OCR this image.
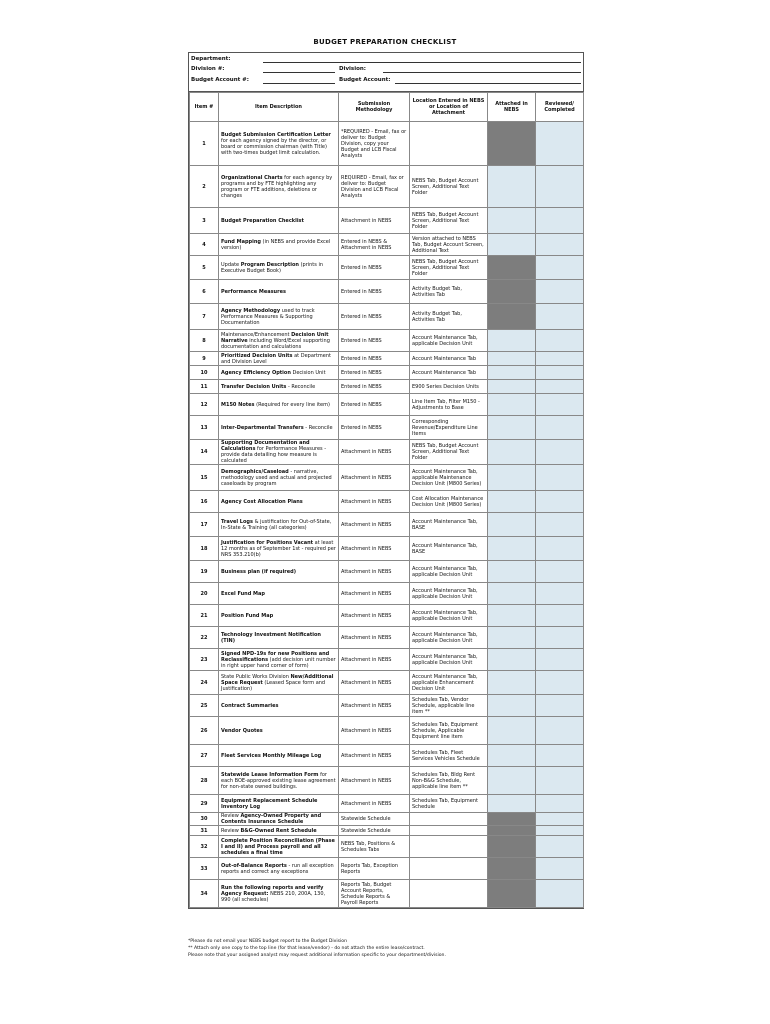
BUDGET PREPARATION CHECKLIST
Department:
Division #:	Division:
Budget Account #:	Budget Account:
Item #	Item Description	Submission Methodology	Location Entered in NEBS or Location of Attachment	Attached in NEBS	Reviewed/ Completed
1	Budget Submission Certification Letter for each agency signed by the director, or board or commission chairman (with Title) with two-times budget limit calculation.	*REQUIRED - Email, fax or deliver to: Budget Division, copy your Budget and LCB Fiscal Analysts			
2	Organizational Charts for each agency by programs and by FTE highlighting any program or FTE additions, deletions or changes	REQUIRED - Email, fax or deliver to: Budget Division and LCB Fiscal Analysts	NEBS Tab, Budget Account Screen, Additional Text Folder		
3	Budget Preparation Checklist	Attachment in NEBS	NEBS Tab, Budget Account Screen, Additional Text Folder		
4	Fund Mapping (in NEBS and provide Excel version)	Entered in NEBS & Attachment in NEBS	Version attached to NEBS Tab, Budget Account Screen, Additional Text		
5	Update Program Description (prints in Executive Budget Book)	Entered in NEBS	NEBS Tab, Budget Account Screen, Additional Text Folder		
6	Performance Measures	Entered in NEBS	Activity Budget Tab, Activities Tab		
7	Agency Methodology used to track Performance Measures & Supporting Documentation	Entered in NEBS	Activity Budget Tab, Activities Tab		
8	Maintenance/Enhancement Decision Unit Narrative including Word/Excel supporting documentation and calculations	Entered in NEBS	Account Maintenance Tab, applicable Decision Unit		
9	Prioritized Decision Units at Department and Division Level	Entered in NEBS	Account Maintenance Tab		
10	Agency Efficiency Option Decision Unit	Entered in NEBS	Account Maintenance Tab		
11	Transfer Decision Units - Reconcile	Entered in NEBS	E900 Series Decision Units		
12	M150 Notes (Required for every line item)	Entered in NEBS	Line Item Tab, Filter M150 - Adjustments to Base		
13	Inter-Departmental Transfers - Reconcile	Entered in NEBS	Corresponding Revenue/Expenditure Line Items		
14	Supporting Documentation and Calculations for Performance Measures - provide data detailing how measure is calculated	Attachment in NEBS	NEBS Tab, Budget Account Screen, Additional Text Folder		
15	Demographics/Caseload - narrative, methodology used and actual and projected caseloads by program	Attachment in NEBS	Account Maintenance Tab, applicable Maintenance Decision Unit (M800 Series)		
16	Agency Cost Allocation Plans	Attachment in NEBS	Cost Allocation Maintenance Decision Unit (M800 Series)		
17	Travel Logs & justification for Out-of-State, In-State & Training (all categories)	Attachment in NEBS	Account Maintenance Tab, BASE		
18	Justification for Positions Vacant at least 12 months as of September 1st - required per NRS 353.210(b)	Attachment in NEBS	Account Maintenance Tab, BASE		
19	Business plan (if required)	Attachment in NEBS	Account Maintenance Tab, applicable Decision Unit		
20	Excel Fund Map	Attachment in NEBS	Account Maintenance Tab, applicable Decision Unit		
21	Position Fund Map	Attachment in NEBS	Account Maintenance Tab, applicable Decision Unit		
22	Technology Investment Notification (TIN)	Attachment in NEBS	Account Maintenance Tab, applicable Decision Unit		
23	Signed NPD-19s for new Positions and Reclassifications (add decision unit number in right upper hand corner of form)	Attachment in NEBS	Account Maintenance Tab, applicable Decision Unit		
24	State Public Works Division New/Additional Space Request (Leased Space form and Justification)	Attachment in NEBS	Account Maintenance Tab, applicable Enhancement Decision Unit		
25	Contract Summaries	Attachment in NEBS	Schedules Tab, Vendor Schedule, applicable line item **		
26	Vendor Quotes	Attachment in NEBS	Schedules Tab, Equipment Schedule, Applicable Equipment line item		
27	Fleet Services Monthly Mileage Log	Attachment in NEBS	Schedules Tab, Fleet Services Vehicles Schedule		
28	Statewide Lease Information Form for each BOE-approved existing lease agreement for non-state owned buildings.	Attachment in NEBS	Schedules Tab, Bldg Rent Non-B&G Schedule, applicable line item **		
29	Equipment Replacement Schedule Inventory Log	Attachment in NEBS	Schedules Tab, Equipment Schedule		
30	Review Agency-Owned Property and Contents Insurance Schedule	Statewide Schedule			
31	Review B&G-Owned Rent Schedule	Statewide Schedule			
32	Complete Position Reconciliation (Phase I and II) and Process payroll and all schedules a final time	NEBS Tab, Positions & Schedules Tabs			
33	Out-of-Balance Reports - run all exception reports and correct any exceptions	Reports Tab, Exception Reports			
34	Run the following reports and verify Agency Request: NEBS 210, 200A, 130, 990 (all schedules)	Reports Tab, Budget Account Reports, Schedule Reports & Payroll Reports			
*Please do not email your NEBS budget report to the Budget Division
** Attach only one copy to the top line (for that lease/vendor) - do not attach the entire lease/contract.
Please note that your assigned analyst may request additional information specific to your department/division.
